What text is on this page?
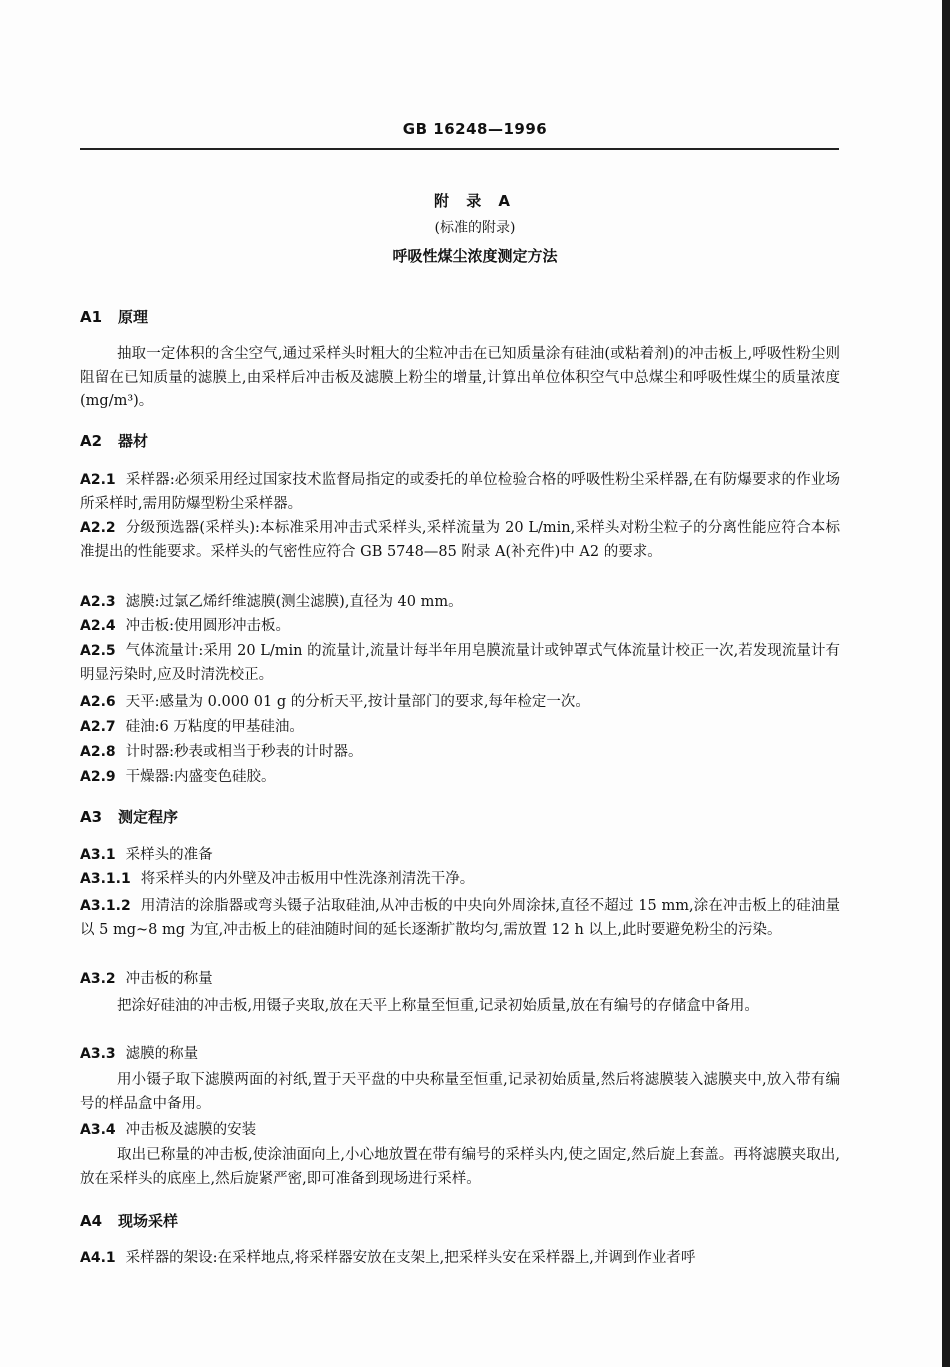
GB 16248—1996
附 录 A
(标准的附录)
呼吸性煤尘浓度测定方法
A1 原理
抽取一定体积的含尘空气,通过采样头时粗大的尘粒冲击在已知质量涂有硅油(或粘着剂)的冲击板上,呼吸性粉尘则阻留在已知质量的滤膜上,由采样后冲击板及滤膜上粉尘的增量,计算出单位体积空气中总煤尘和呼吸性煤尘的质量浓度(mg/m³)。
A2 器材
A2.1 采样器:必须采用经过国家技术监督局指定的或委托的单位检验合格的呼吸性粉尘采样器,在有防爆要求的作业场所采样时,需用防爆型粉尘采样器。
A2.2 分级预选器(采样头):本标准采用冲击式采样头,采样流量为 20 L/min,采样头对粉尘粒子的分离性能应符合本标准提出的性能要求。采样头的气密性应符合 GB 5748—85 附录 A(补充件)中 A2 的要求。
A2.3 滤膜:过氯乙烯纤维滤膜(测尘滤膜),直径为 40 mm。
A2.4 冲击板:使用圆形冲击板。
A2.5 气体流量计:采用 20 L/min 的流量计,流量计每半年用皂膜流量计或钟罩式气体流量计校正一次,若发现流量计有明显污染时,应及时清洗校正。
A2.6 天平:感量为 0.000 01 g 的分析天平,按计量部门的要求,每年检定一次。
A2.7 硅油:6 万粘度的甲基硅油。
A2.8 计时器:秒表或相当于秒表的计时器。
A2.9 干燥器:内盛变色硅胶。
A3 测定程序
A3.1 采样头的准备
A3.1.1 将采样头的内外壁及冲击板用中性洗涤剂清洗干净。
A3.1.2 用清洁的涂脂器或弯头镊子沾取硅油,从冲击板的中央向外周涂抹,直径不超过 15 mm,涂在冲击板上的硅油量以 5 mg~8 mg 为宜,冲击板上的硅油随时间的延长逐渐扩散均匀,需放置 12 h 以上,此时要避免粉尘的污染。
A3.2 冲击板的称量
把涂好硅油的冲击板,用镊子夹取,放在天平上称量至恒重,记录初始质量,放在有编号的存储盒中备用。
A3.3 滤膜的称量
用小镊子取下滤膜两面的衬纸,置于天平盘的中央称量至恒重,记录初始质量,然后将滤膜装入滤膜夹中,放入带有编号的样品盒中备用。
A3.4 冲击板及滤膜的安装
取出已称量的冲击板,使涂油面向上,小心地放置在带有编号的采样头内,使之固定,然后旋上套盖。再将滤膜夹取出,放在采样头的底座上,然后旋紧严密,即可准备到现场进行采样。
A4 现场采样
A4.1 采样器的架设:在采样地点,将采样器安放在支架上,把采样头安在采样器上,并调到作业者呼
